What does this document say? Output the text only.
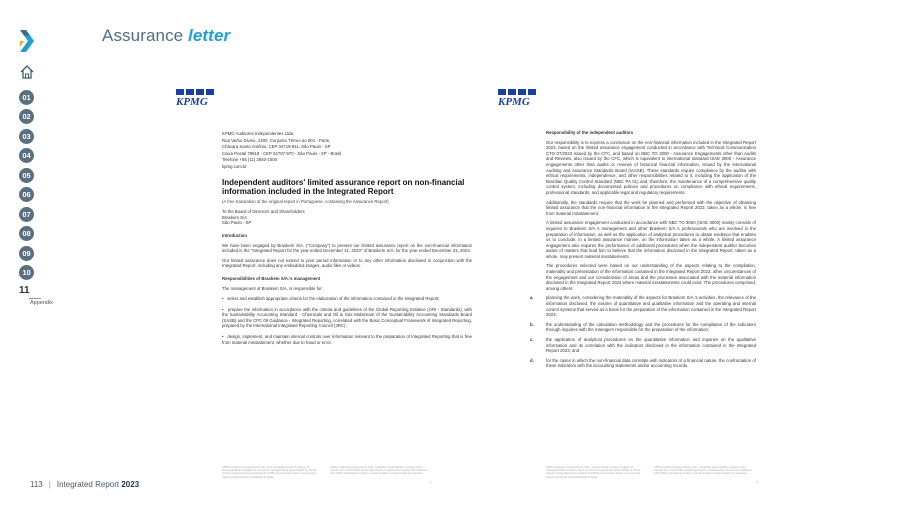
Assurance letter
01
02
03
04
05
06
07
08
09
10
11
Appendix
113 | Integrated Report 2023
KPMG
KPMG Auditores Independentes Ltda.
Rua Verbo Divino, 1400, Conjunto Térreo ao 801 - Parte,
Chácara Santo Antônio, CEP 04719-911, São Paulo - SP
Caixa Postal 79518 - CEP 04707-970 - São Paulo - SP - Brasil
Telefone +55 (11) 3940-1500
kpmg.com.br
Independent auditors' limited assurance report on non-financial information included in the Integrated Report
(A free translation of the original report in Portuguese, containing the Assurance Report)
To the Board of Directors and Shareholders
Braskem S/A
São Paulo - SP
Introduction
We have been engaged by Braskem S/A. ("Company") to present our limited assurance report on the non-financial information included in the "Integrated Report for the year ended December 31, 2023" of Braskem S/A. for the year ended December 31, 2023.
Our limited assurance does not extend to prior period information or to any other information disclosed in conjunction with the Integrated Report, including any embedded images, audio files or videos.
Responsibilities of Braskem S/A.'s management
The management of Braskem S/A. is responsible for:
•   select and establish appropriate criteria for the elaboration of the information contained in the Integrated Report;
•   prepare the information in accordance with the criteria and guidelines of the Global Reporting Initiative (GRI - Standards), with the Sustainability Accounting Standard - Chemicals and Oil & Gas Midstream of the Sustainability Accounting Standards Board (SASB) and the CPC 09 Guidance - Integrated Reporting, correlated with the Basic Conceptual Framework of Integrated Reporting, prepared by the International Integrated Reporting Council (IIRC);
•   design, implement, and maintain internal controls over information relevant to the preparation of Integrated Reporting that is free from material misstatement, whether due to fraud or error.
KPMG Auditores Independentes Ltda., uma sociedade simples brasileira, de responsabilidade limitada e firma-membro da organização global KPMG de firmas-membro independentes licenciadas da KPMG International Limited, uma empresa inglesa privada de responsabilidade limitada.
KPMG Auditores Independentes Ltda., a Brazilian limited liability company and a member firm of the KPMG global organization of independent member firms affiliated with KPMG International Limited, a private English company limited by guarantee.
1
KPMG
Responsibility of the independent auditors
Our responsibility is to express a conclusion on the non-financial information included in the Integrated Report 2023, based on the limited assurance engagement conducted in accordance with Technical Communication CTO 07/2022 issued by the CFC, and based on NBC TO 3000 - Assurance Engagements other than Audits and Reviews, also issued by the CFC, which is equivalent to international standard ISAE 3000 - Assurance engagements other than audits or reviews of historical financial information, issued by the International Auditing and Assurance Standards Board (IAASB). These standards require compliance by the auditor with ethical requirements, independence, and other responsibilities related to it, including the application of the Brazilian Quality Control Standard (NBC PA 01) and, therefore, the maintenance of a comprehensive quality control system, including documented policies and procedures on compliance with ethical requirements, professional standards, and applicable legal and regulatory requirements.
Additionally, the standards require that the work be planned and performed with the objective of obtaining limited assurance that the non-financial information in the Integrated Report 2023, taken as a whole, is free from material misstatement.
A limited assurance engagement conducted in accordance with NBC TO 3000 (ISAE 3000) mainly consists of inquiries to Braskem S/A.'s management and other Braskem S/A.'s professionals who are involved in the preparation of information, as well as the application of analytical procedures to obtain evidence that enables us to conclude, in a limited assurance manner, on the information taken as a whole. A limited assurance engagement also requires the performance of additional procedures when the independent auditor becomes aware of matters that lead him to believe that the information disclosed in the Integrated Report, taken as a whole, may present material misstatements.
The procedures selected were based on our understanding of the aspects relating to the compilation, materiality and presentation of the information contained in the Integrated Report 2023, other circumstances of the engagement and our consideration of areas and the processes associated with the material information disclosed in the Integrated Report 2023 where material misstatements could exist. The procedures comprised, among others:
a.	planning the work, considering the materiality of the aspects for Braskem S/A.'s activities, the relevance of the information disclosed, the volume of quantitative and qualitative information and the operating and internal control systems that served as a basis for the preparation of the information contained in the Integrated Report 2023;
b.	the understanding of the calculation methodology and the procedures for the compilation of the indicators through inquiries with the managers responsible for the preparation of the information;
c.	the application of analytical procedures on the quantitative information and inquiries on the qualitative information and its correlation with the indicators disclosed in the information contained in the Integrated Report 2023; and
d.	for the cases in which the non-financial data correlate with indicators of a financial nature, the confrontation of these indicators with the accounting statements and/or accounting records.
KPMG Auditores Independentes Ltda., uma sociedade simples brasileira, de responsabilidade limitada e firma-membro da organização global KPMG de firmas-membro independentes licenciadas da KPMG International Limited, uma empresa inglesa privada de responsabilidade limitada.
KPMG Auditores Independentes Ltda., a Brazilian limited liability company and a member firm of the KPMG global organization of independent member firms affiliated with KPMG International Limited, a private English company limited by guarantee.
2
